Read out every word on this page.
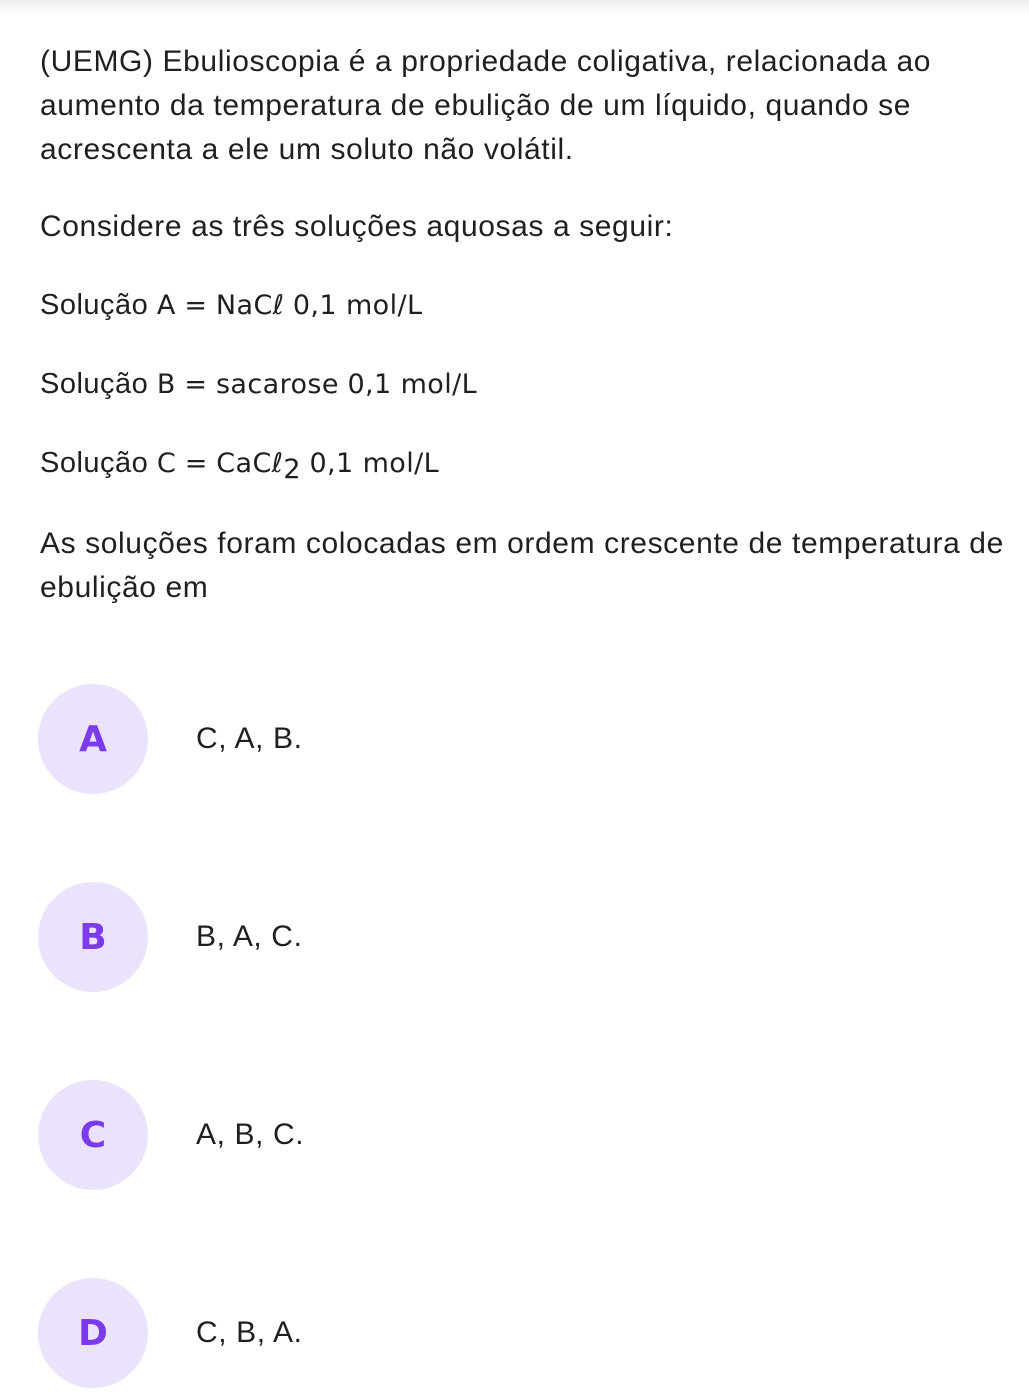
(UEMG) Ebulioscopia é a propriedade coligativa, relacionada ao aumento da temperatura de ebulição de um líquido, quando se acrescenta a ele um soluto não volátil.

Considere as três soluções aquosas a seguir:

Solução A = NaCℓ 0,1 mol/L
Solução B = sacarose 0,1 mol/L
Solução C = CaCℓ$_2$ 0,1 mol/L

As soluções foram colocadas em ordem crescente de temperatura de ebulição em

A	C, A, B.
B	B, A, C.
C	A, B, C.
D	C, B, A.
